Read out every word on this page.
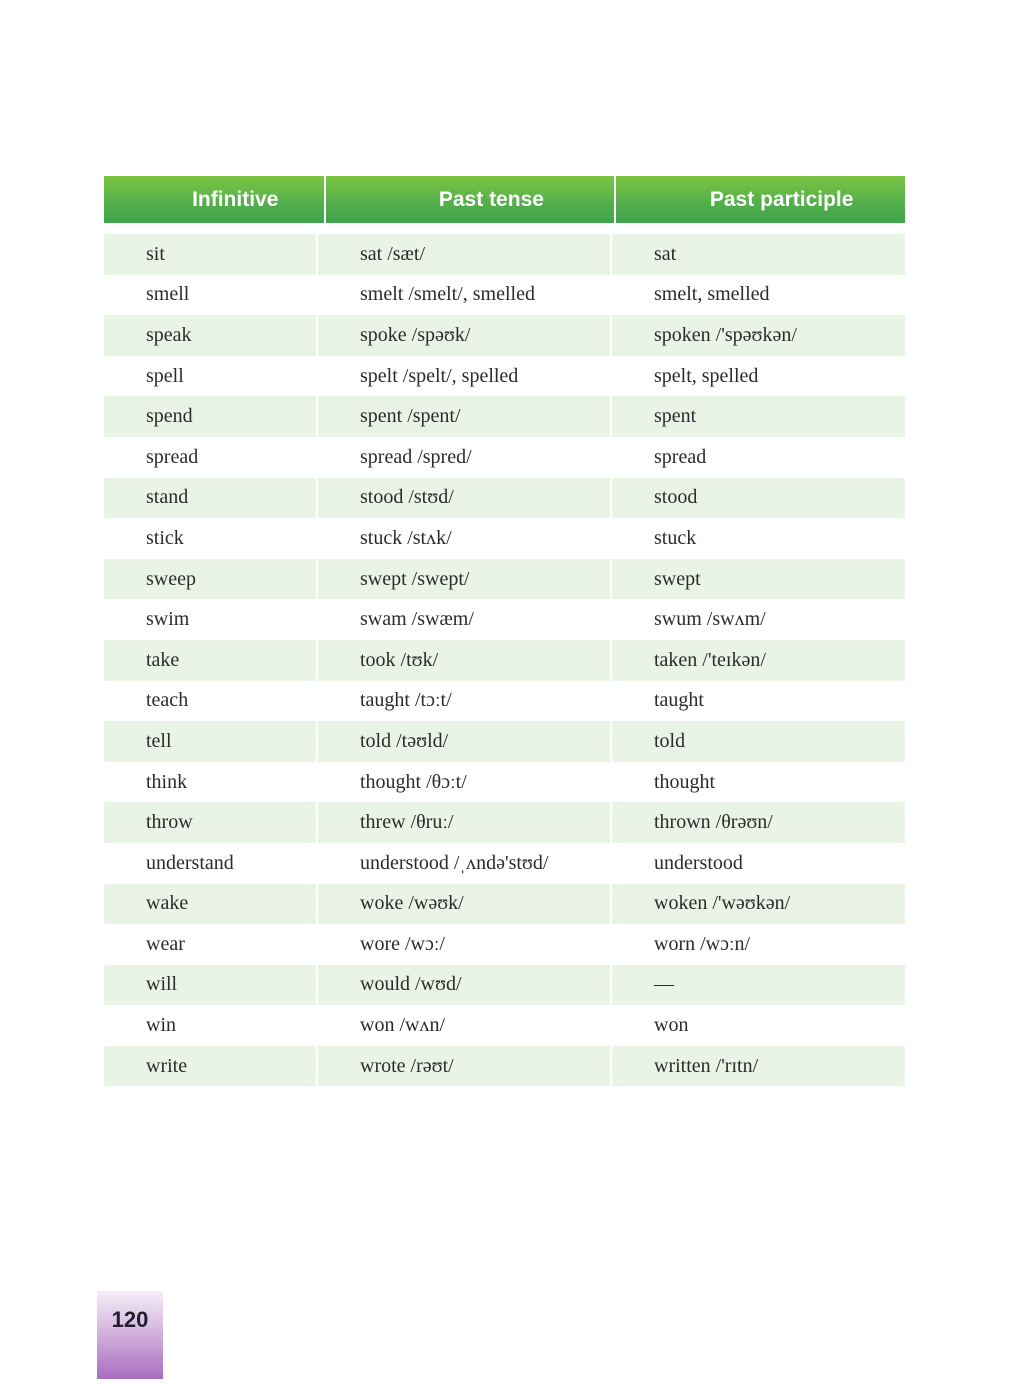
Infinitive	Past tense	Past participle
sit	sat /sæt/	sat
smell	smelt /smelt/, smelled	smelt, smelled
speak	spoke /spəʊk/	spoken /'spəʊkən/
spell	spelt /spelt/, spelled	spelt, spelled
spend	spent /spent/	spent
spread	spread /spred/	spread
stand	stood /stʊd/	stood
stick	stuck /stʌk/	stuck
sweep	swept /swept/	swept
swim	swam /swæm/	swum /swʌm/
take	took /tʊk/	taken /'teɪkən/
teach	taught /tɔːt/	taught
tell	told /təʊld/	told
think	thought /θɔːt/	thought
throw	threw /θruː/	thrown /θrəʊn/
understand	understood /ˌʌndə'stʊd/	understood
wake	woke /wəʊk/	woken /'wəʊkən/
wear	wore /wɔː/	worn /wɔːn/
will	would /wʊd/	—
win	won /wʌn/	won
write	wrote /rəʊt/	written /'rɪtn/
120
